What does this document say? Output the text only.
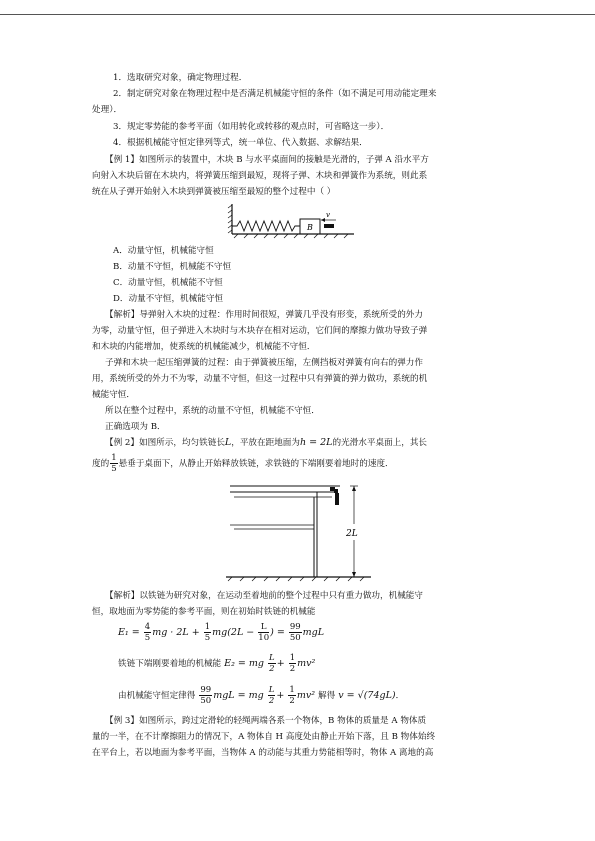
1．选取研究对象，确定物理过程．

2．制定研究对象在物理过程中是否满足机械能守恒的条件（如不满足可用动能定理来

处理）．

3．规定零势能的参考平面（如用转化或转移的观点时，可省略这一步）．

4．根据机械能守恒定律列等式，统一单位、代入数据、求解结果．

【例 1】如图所示的装置中，木块 B 与水平桌面间的接触是光滑的，子弹 A 沿水平方

向射入木块后留在木块内，将弹簧压缩到最短，现将子弹、木块和弹簧作为系统，则此系

统在从子弹开始射入木块到弹簧被压缩至最短的整个过程中（ ）

B
v

A．动量守恒，机械能守恒

B．动量不守恒，机械能不守恒

C．动量守恒，机械能不守恒

D．动量不守恒，机械能守恒

【解析】导弹射入木块的过程：作用时间很短，弹簧几乎没有形变，系统所受的外力

为零，动量守恒，但子弹进入木块时与木块存在相对运动，它们间的摩擦力做功导致子弹

和木块的内能增加，使系统的机械能减少，机械能不守恒．

子弹和木块一起压缩弹簧的过程：由于弹簧被压缩，左侧挡板对弹簧有向右的弹力作

用，系统所受的外力不为零，动量不守恒，但这一过程中只有弹簧的弹力做功，系统的机

械能守恒．

所以在整个过程中，系统的动量不守恒，机械能不守恒．

正确选项为 B．

【例 2】如图所示，均匀铁链长L，平放在距地面为h = 2L的光滑水平桌面上，其长

度的 $\frac{1}{5}$ 悬垂于桌面下，从静止开始释放铁链，求铁链的下端刚要着地时的速度．

2L

【解析】以铁链为研究对象，在运动至着地前的整个过程中只有重力做功，机械能守

恒，取地面为零势能的参考平面，则在初始时铁链的机械能

$E_1 = \frac{4}{5}$ mg · $2L + \frac{1}{5} mg(2L - \frac{L}{10}$ ) = $\frac{99}{50}$ mgL
铁链下端刚要着地的机械能 E₂ = mg $\frac{L}{2} + \frac{1}{2} mv^2$
由机械能守恒定律得 $\frac{99}{50}$ mgL = mg $\frac{L}{2} + \frac{1}{2} mv^2$ 解得 v = √(74gL)．

【例 3】如图所示，跨过定滑轮的轻绳两端各系一个物体，B 物体的质量是 A 物体质

量的一半，在不计摩擦阻力的情况下，A 物体自 H 高度处由静止开始下落，且 B 物体始终

在平台上，若以地面为参考平面，当物体 A 的动能与其重力势能相等时，物体 A 离地的高
